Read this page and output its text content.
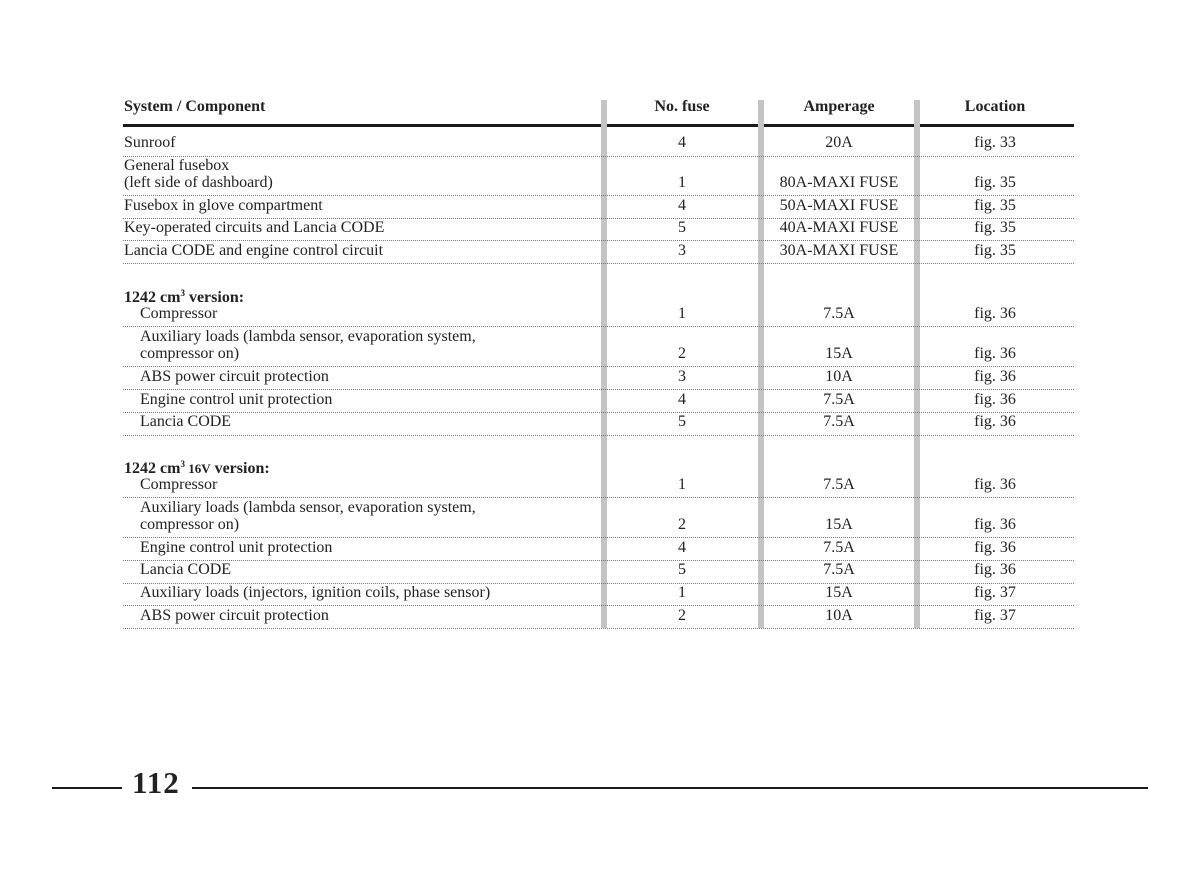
System / Component	No. fuse	Amperage	Location
Sunroof	4	20A	fig. 33
General fusebox
(left side of dashboard)	1	80A-MAXI FUSE	fig. 35
Fusebox in glove compartment	4	50A-MAXI FUSE	fig. 35
Key-operated circuits and Lancia CODE	5	40A-MAXI FUSE	fig. 35
Lancia CODE and engine control circuit	3	30A-MAXI FUSE	fig. 35
1242 $cm^3$ version:
Compressor	1	7.5A	fig. 36
Auxiliary loads (lambda sensor, evaporation system,
compressor on)	2	15A	fig. 36
ABS power circuit protection	3	10A	fig. 36
Engine control unit protection	4	7.5A	fig. 36
Lancia CODE	5	7.5A	fig. 36
1242 $cm^3$ 16V version:
Compressor	1	7.5A	fig. 36
Auxiliary loads (lambda sensor, evaporation system,
compressor on)	2	15A	fig. 36
Engine control unit protection	4	7.5A	fig. 36
Lancia CODE	5	7.5A	fig. 36
Auxiliary loads (injectors, ignition coils, phase sensor)	1	15A	fig. 37
ABS power circuit protection	2	10A	fig. 37
112
